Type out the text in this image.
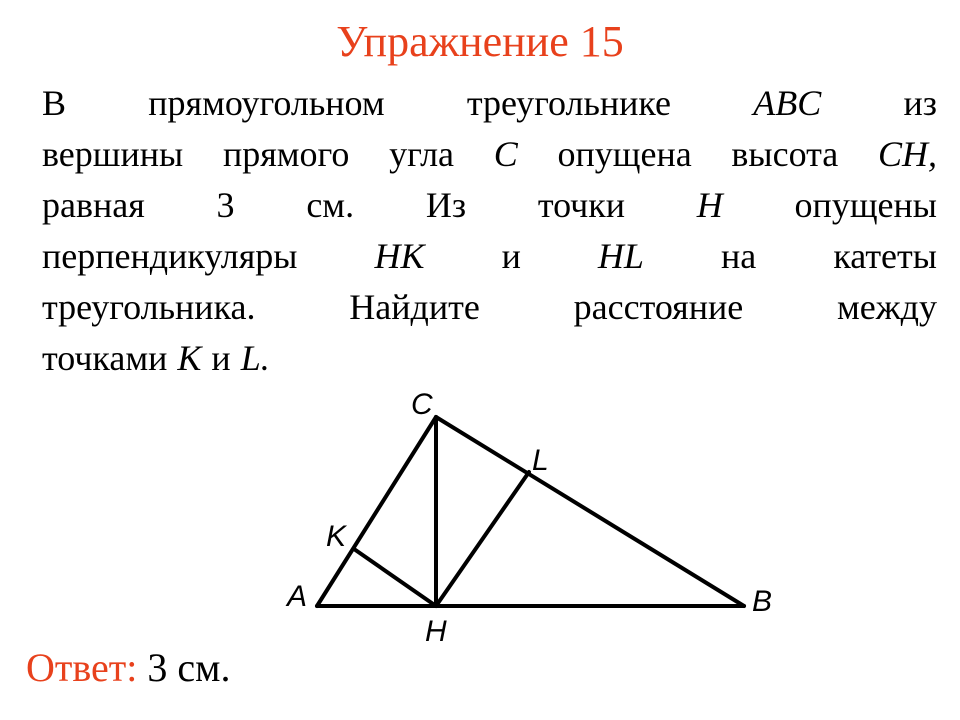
Упражнение 15
В прямоугольном треугольнике ABC из
вершины прямого угла C опущена высота CH,
равная 3 см. Из точки H опущены
перпендикуляры HK и HL на катеты
треугольника.	Найдите	расстояние	между
точками K и L.
C
L
K
A	B
H
Ответ: 3 см.
